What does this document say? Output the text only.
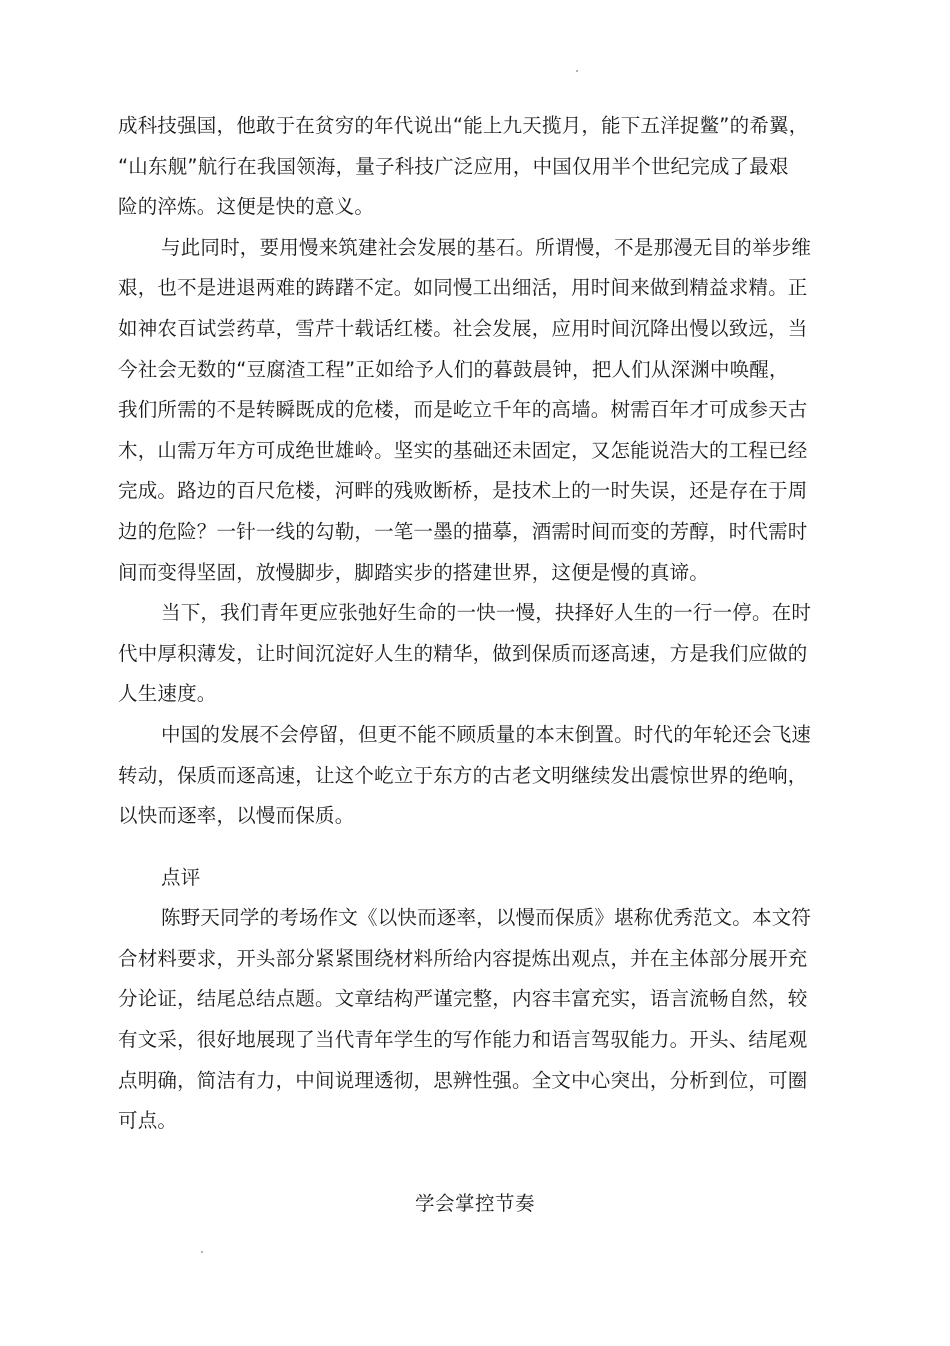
成科技强国，他敢于在贫穷的年代说出“能上九天揽月，能下五洋捉鳖”的希翼，
“山东舰”航行在我国领海，量子科技广泛应用，中国仅用半个世纪完成了最艰
险的淬炼。这便是快的意义。
与此同时，要用慢来筑建社会发展的基石。所谓慢，不是那漫无目的举步维
艰，也不是进退两难的踌躇不定。如同慢工出细活，用时间来做到精益求精。正
如神农百试尝药草，雪芹十载话红楼。社会发展，应用时间沉降出慢以致远，当
今社会无数的“豆腐渣工程”正如给予人们的暮鼓晨钟，把人们从深渊中唤醒，
我们所需的不是转瞬既成的危楼，而是屹立千年的高墙。树需百年才可成参天古
木，山需万年方可成绝世雄岭。坚实的基础还未固定，又怎能说浩大的工程已经
完成。路边的百尺危楼，河畔的残败断桥，是技术上的一时失误，还是存在于周
边的危险？一针一线的勾勒，一笔一墨的描摹，酒需时间而变的芳醇，时代需时
间而变得坚固，放慢脚步，脚踏实步的搭建世界，这便是慢的真谛。
当下，我们青年更应张弛好生命的一快一慢，抉择好人生的一行一停。在时
代中厚积薄发，让时间沉淀好人生的精华，做到保质而逐高速，方是我们应做的
人生速度。
中国的发展不会停留，但更不能不顾质量的本末倒置。时代的年轮还会飞速
转动，保质而逐高速，让这个屹立于东方的古老文明继续发出震惊世界的绝响，
以快而逐率，以慢而保质。
点评
陈野天同学的考场作文《以快而逐率，以慢而保质》堪称优秀范文。本文符
合材料要求，开头部分紧紧围绕材料所给内容提炼出观点，并在主体部分展开充
分论证，结尾总结点题。文章结构严谨完整，内容丰富充实，语言流畅自然，较
有文采，很好地展现了当代青年学生的写作能力和语言驾驭能力。开头、结尾观
点明确，简洁有力，中间说理透彻，思辨性强。全文中心突出，分析到位，可圈
可点。
学会掌控节奏
